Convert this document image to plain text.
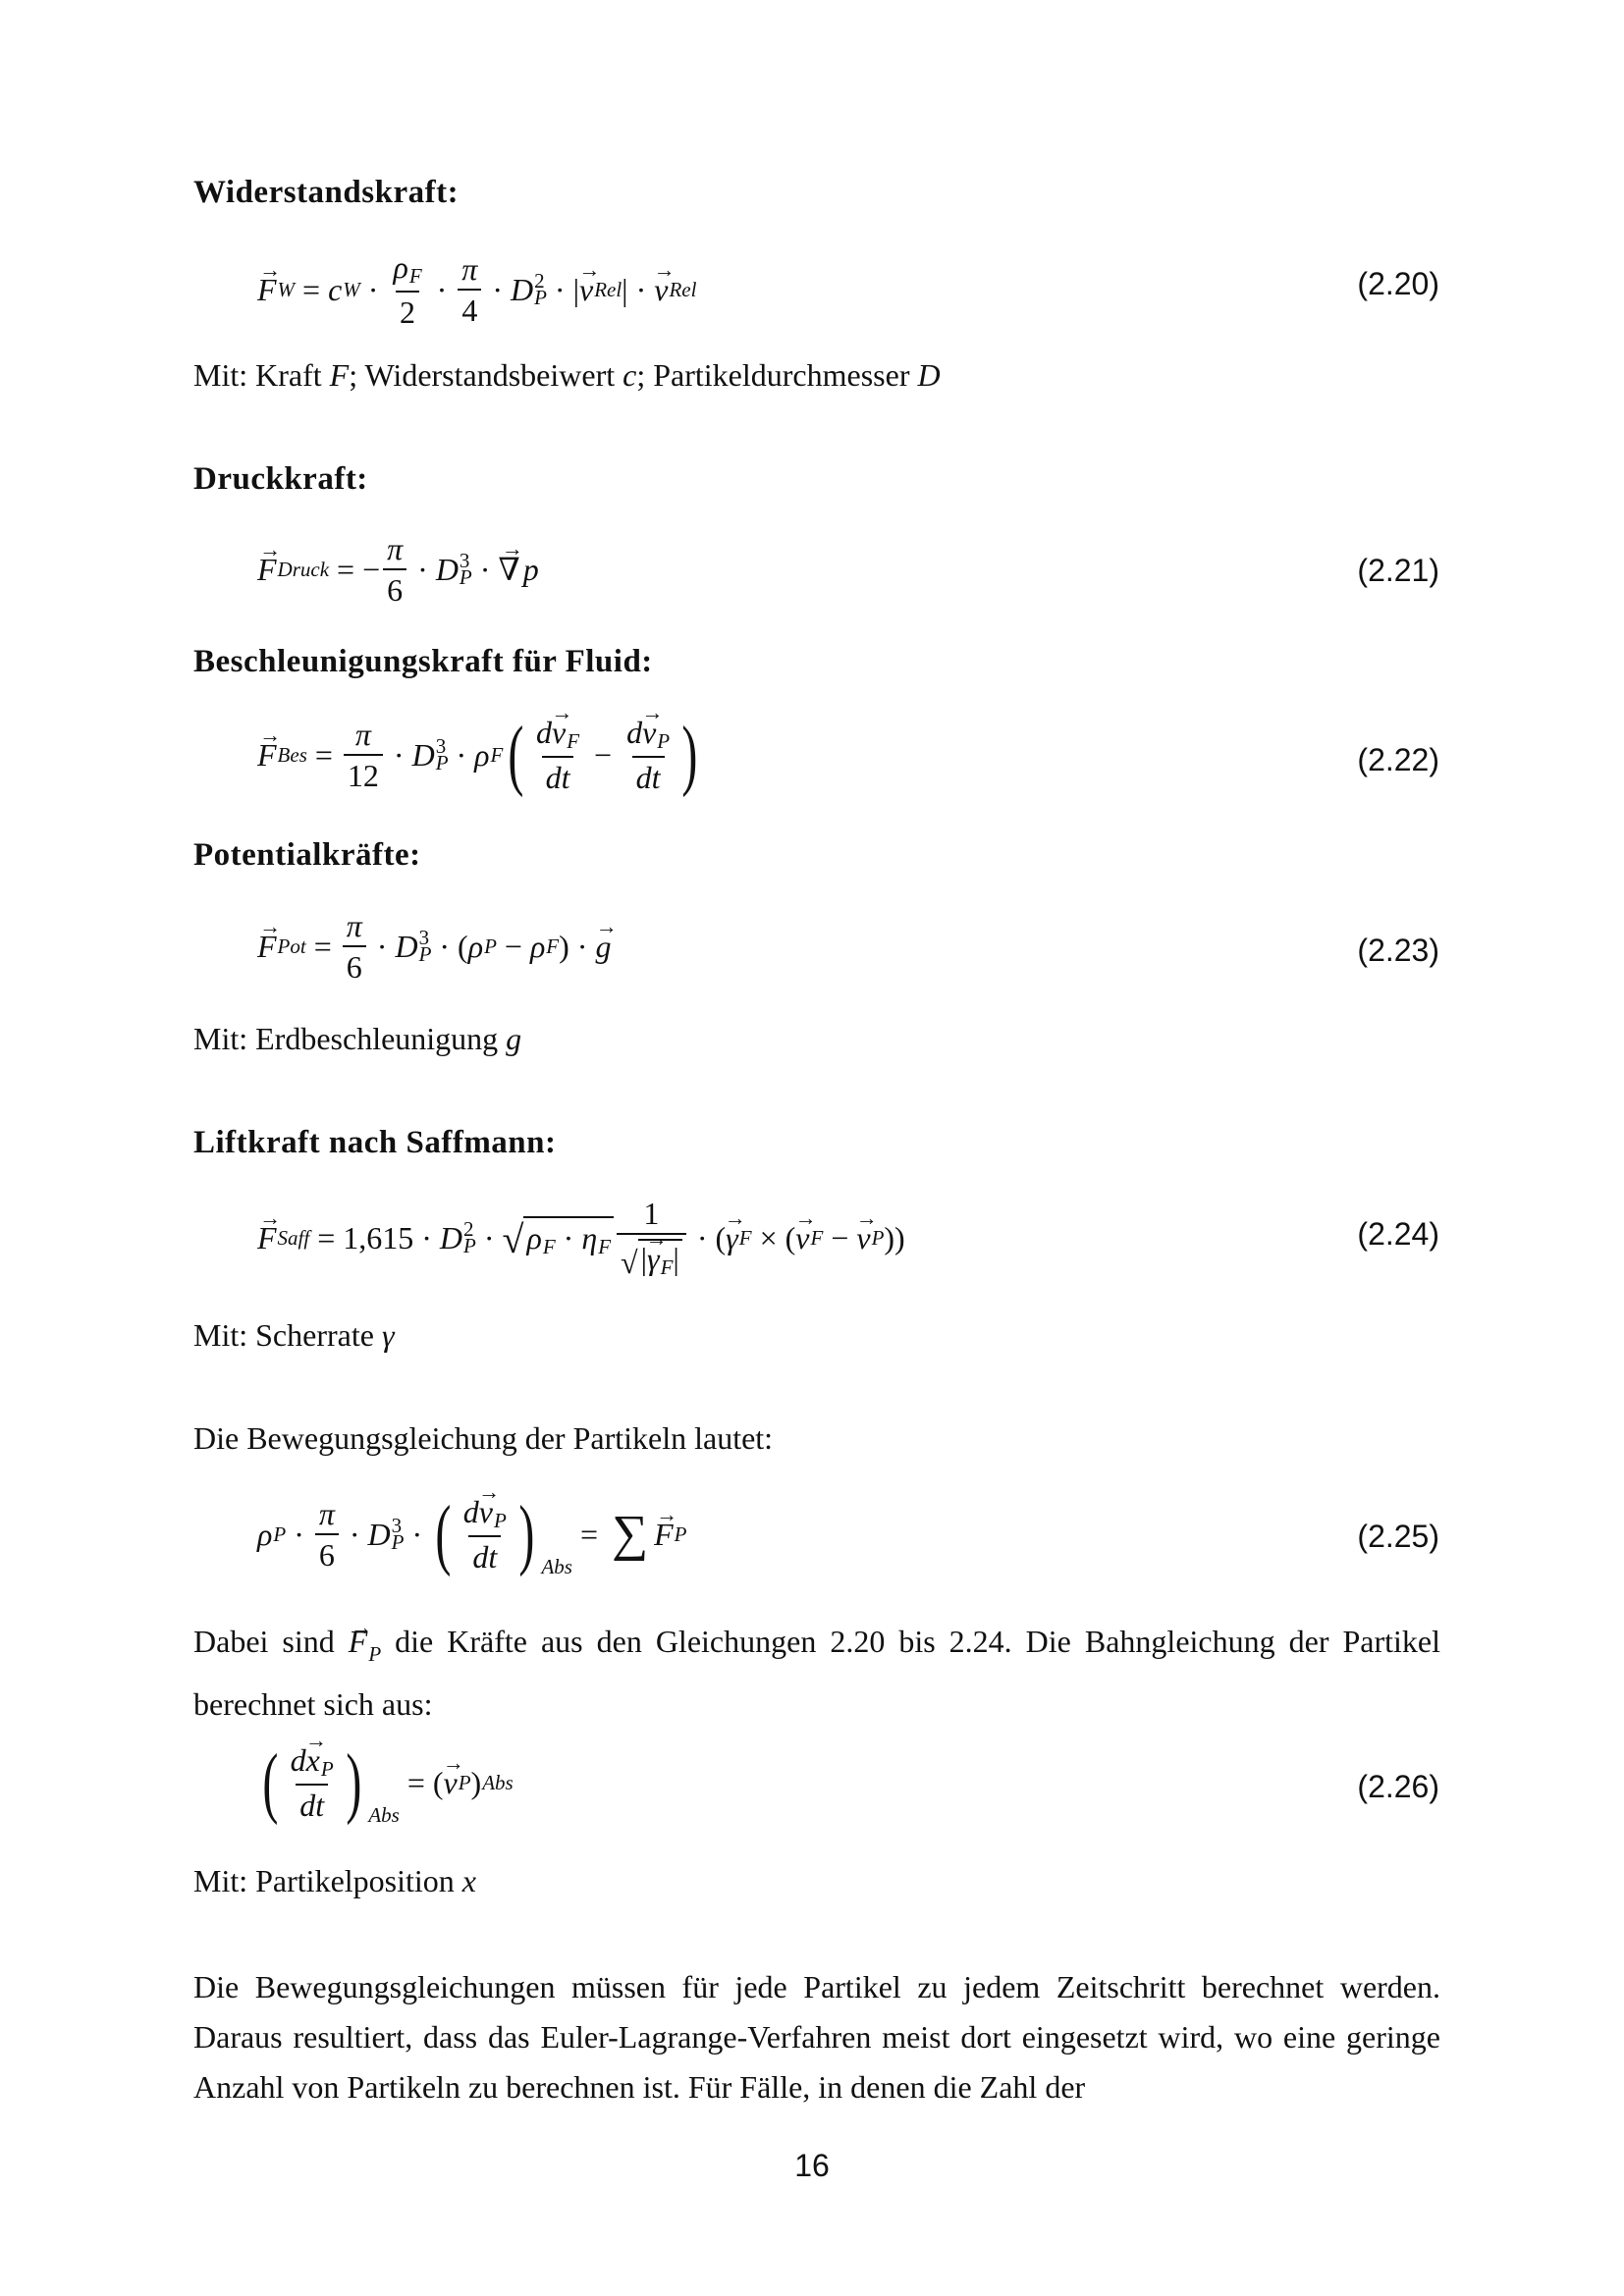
Widerstandskraft:
→ F W = c $W \cdot \frac{\rho_F}{2} \cdot \frac{\pi}{4} \cdot D$ 2
P · | → v Rel | · → v Rel	(2.20)
Mit: Kraft F; Widerstandsbeiwert c; Partikeldurchmesser D
Druckkraft:
→ F Druck = − $\frac{\pi}{6} \cdot D$ 3
P · → ∇ p	(2.21)
Beschleunigungskraft für Fluid:
→ F Bes = $\frac{\pi}{12} \cdot D$ 3
P · ρ F ( $\frac{d\to v_F}{dt} - \frac{d\to v_P}{dt}$ )	(2.22)
Potentialkräfte:
→ F Pot = $\frac{\pi}{6} \cdot D$ 3
P · ( ρ P − ρ F ) · → g	(2.23)
Mit: Erdbeschleunigung g
Liftkraft nach Saffmann:
→ F Saff = 1,615 · D 2
P · √ $\rho_F \cdot \eta_F \frac{1}{√ |\to \gamma_F|}$ · ( → γ F × ( → v F − → v P ))	(2.24)
Mit: Scherrate γ
Die Bewegungsgleichung der Partikeln lautet:
ρ $P \cdot \frac{\pi}{6} \cdot D$ 3
P · ( $\frac{d\to v_P}{dt}$ ) Abs
= ∑ → F P	(2.25)
Dabei $\sin d \to F_P$ die Kräfte aus den Gleichungen 2.20 bis 2.24. Die Bahngleichung der Partikel berechnet sich aus:
( $\frac{d\to x_P}{dt}$ ) Abs
= ( → v P ) Abs	(2.26)
Mit: Partikelposition x
Die Bewegungsgleichungen müssen für jede Partikel zu jedem Zeitschritt berechnet werden. Daraus resultiert, dass das Euler-Lagrange-Verfahren meist dort eingesetzt wird, wo eine geringe Anzahl von Partikeln zu berechnen ist. Für Fälle, in denen die Zahl der
16
